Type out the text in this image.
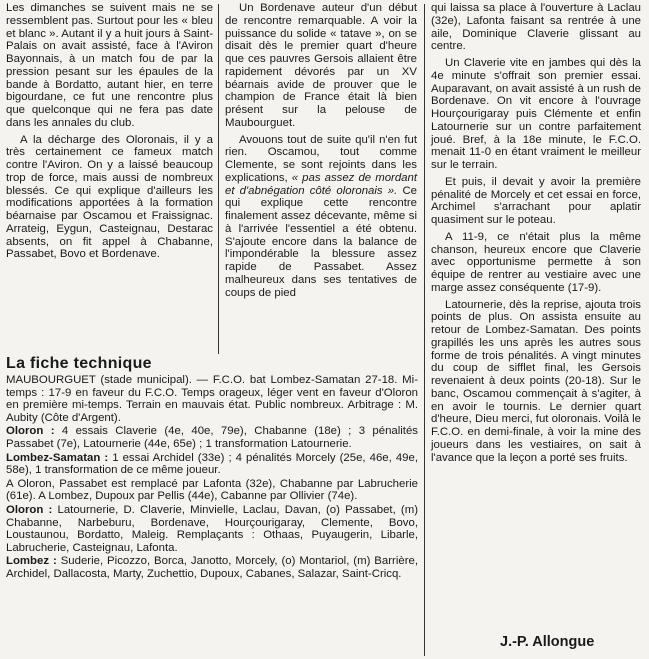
Les dimanches se suivent mais ne se ressemblent pas. Surtout pour les « bleu et blanc ». Autant il y a huit jours à Saint-Palais on avait assisté, face à l'Aviron Bayonnais, à un match fou de par la pression pesant sur les épaules de la bande à Bordatto, autant hier, en terre bigourdane, ce fut une rencontre plus que quelconque qui ne fera pas date dans les annales du club.

A la décharge des Oloronais, il y a très certainement ce fameux match contre l'Aviron. On y a laissé beaucoup trop de force, mais aussi de nombreux blessés. Ce qui explique d'ailleurs les modifications apportées à la formation béarnaise par Oscamou et Fraissignac. Arrateig, Eygun, Casteignau, Destarac absents, on fit appel à Chabanne, Passabet, Bovo et Bordenave.

Un Bordenave auteur d'un début de rencontre remarquable. A voir la puissance du solide « tatave », on se disait dès le premier quart d'heure que ces pauvres Gersois allaient être rapidement dévorés par un XV béarnais avide de prouver que le champion de France était là bien présent sur la pelouse de Maubourguet.

Avouons tout de suite qu'il n'en fut rien. Oscamou, tout comme Clemente, se sont rejoints dans les explications, « pas assez de mordant et d'abnégation côté oloronais ». Ce qui explique cette rencontre finalement assez décevante, même si à l'arrivée l'essentiel a été obtenu. S'ajoute encore dans la balance de l'impondérable la blessure assez rapide de Passabet. Assez malheureux dans ses tentatives de coups de pied

qui laissa sa place à l'ouverture à Laclau (32e), Lafonta faisant sa rentrée à une aile, Dominique Claverie glissant au centre.

Un Claverie vite en jambes qui dès la 4e minute s'offrait son premier essai. Auparavant, on avait assisté à un rush de Bordenave. On vit encore à l'ouvrage Hourçourigaray puis Clémente et enfin Latournerie sur un contre parfaitement joué. Bref, à la 18e minute, le F.C.O. menait 11-0 en étant vraiment le meilleur sur le terrain.

Et puis, il devait y avoir la première pénalité de Morcely et cet essai en force, Archimel s'arrachant pour aplatir quasiment sur le poteau.

A 11-9, ce n'était plus la même chanson, heureux encore que Claverie avec opportunisme permette à son équipe de rentrer au vestiaire avec une marge assez conséquente (17-9).

Latournerie, dès la reprise, ajouta trois points de plus. On assista ensuite au retour de Lombez-Samatan. Des points grapillés les uns après les autres sous forme de trois pénalités. A vingt minutes du coup de sifflet final, les Gersois revenaient à deux points (20-18). Sur le banc, Oscamou commençait à s'agiter, à en avoir le tournis. Le dernier quart d'heure, Dieu merci, fut oloronais. Voilà le F.C.O. en demi-finale, à voir la mine des joueurs dans les vestiaires, on sait à l'avance que la leçon a porté ses fruits.

La fiche technique

MAUBOURGUET (stade municipal). — F.C.O. bat Lombez-Samatan 27-18. Mi-temps : 17-9 en faveur du F.C.O. Temps orageux, léger vent en faveur d'Oloron en première mi-temps. Terrain en mauvais état. Public nombreux. Arbitrage : M. Aubity (Côte d'Argent).

Oloron : 4 essais Claverie (4e, 40e, 79e), Chabanne (18e) ; 3 pénalités Passabet (7e), Latournerie (44e, 65e) ; 1 transformation Latournerie.

Lombez-Samatan : 1 essai Archidel (33e) ; 4 pénalités Morcely (25e, 46e, 49e, 58e), 1 transformation de ce même joueur.

A Oloron, Passabet est remplacé par Lafonta (32e), Chabanne par Labrucherie (61e). A Lombez, Dupoux par Pellis (44e), Cabanne par Ollivier (74e).

Oloron : Latournerie, D. Claverie, Minvielle, Laclau, Davan, (o) Passabet, (m) Chabanne, Narbeburu, Bordenave, Hourçourigaray, Clemente, Bovo, Loustaunou, Bordatto, Maleig. Remplaçants : Othaas, Puyaugerin, Libarle, Labrucherie, Casteignau, Lafonta.

Lombez : Suderie, Picozzo, Borca, Janotto, Morcely, (o) Montariol, (m) Barrière, Archidel, Dallacosta, Marty, Zuchettio, Dupoux, Cabanes, Salazar, Saint-Cricq.

J.-P. Allongue
